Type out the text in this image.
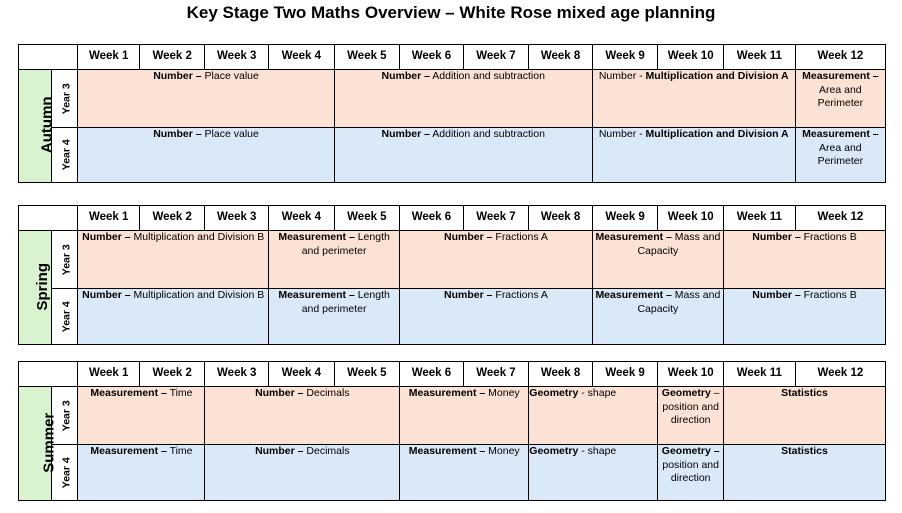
Key Stage Two Maths Overview – White Rose mixed age planning
		Week 1	Week 2	Week 3	Week 4	Week 5	Week 6	Week 7	Week 8	Week 9	Week 10	Week 11	Week 12
Autumn	Year 3	Number – Place value				Number – Addition and subtraction				Number - Multiplication and Division A			Measurement – Area and Perimeter
	Year 4	Number – Place value				Number – Addition and subtraction				Number - Multiplication and Division A			Measurement – Area and Perimeter
		Week 1	Week 2	Week 3	Week 4	Week 5	Week 6	Week 7	Week 8	Week 9	Week 10	Week 11	Week 12
Spring	Year 3	Number – Multiplication and Division B			Measurement – Length and perimeter		Number – Fractions A			Measurement – Mass and Capacity		Number – Fractions B	
	Year 4	Number – Multiplication and Division B			Measurement – Length and perimeter		Number – Fractions A			Measurement – Mass and Capacity		Number – Fractions B	
		Week 1	Week 2	Week 3	Week 4	Week 5	Week 6	Week 7	Week 8	Week 9	Week 10	Week 11	Week 12
Summer	Year 3	Measurement – Time		Number – Decimals			Measurement – Money		Geometry - shape		Geometry – position and direction	Statistics	
	Year 4	Measurement – Time		Number – Decimals			Measurement – Money		Geometry - shape		Geometry – position and direction	Statistics	
